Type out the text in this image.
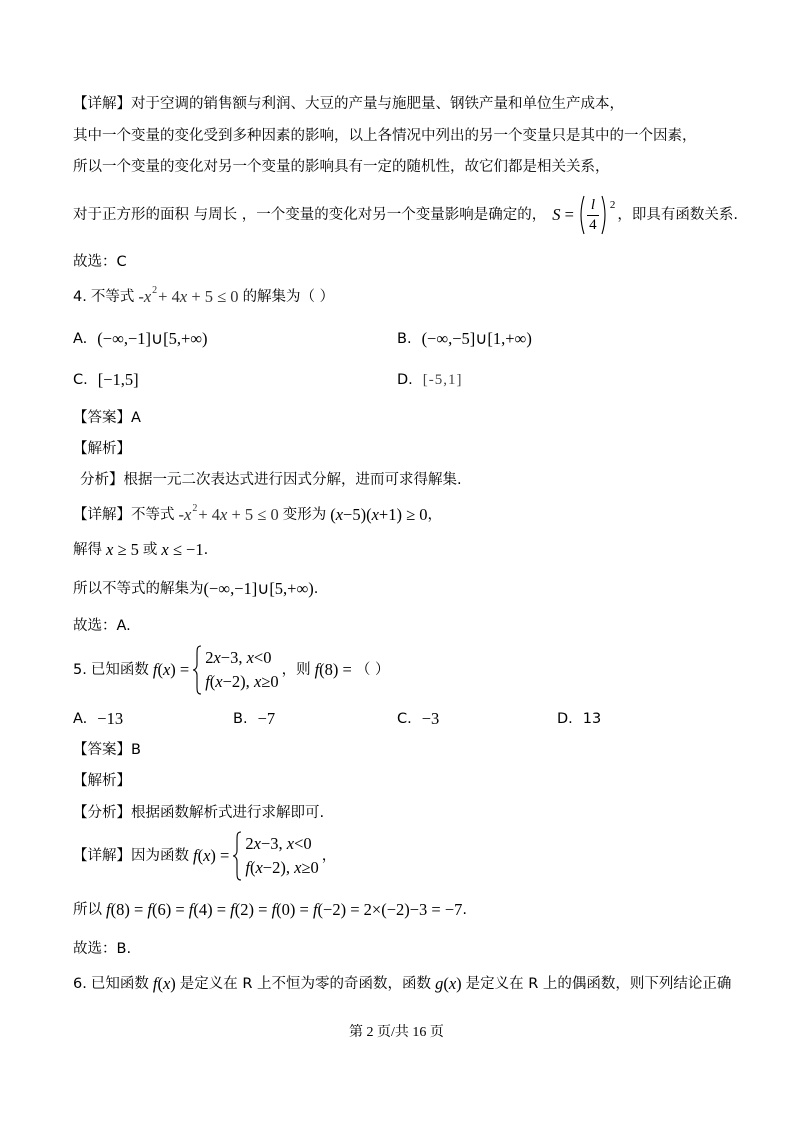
【详解】对于空调的销售额与利润、大豆的产量与施肥量、钢铁产量和单位生产成本，
其中一个变量的变化受到多种因素的影响，以上各情况中列出的另一个变量只是其中的一个因素，
所以一个变量的变化对另一个变量的影响具有一定的随机性，故它们都是相关关系，
对于正方形的面积 与周长 ，一个变量的变化对另一个变量影响是确定的， $S = \frac{l}{4} 2$
，即具有函数关系.
故选：C
4. 不等式 -x 2 + 4x + 5 ≤ 0 的解集为（ ）
A. (−∞,−1]∪[5,+∞)	B. (−∞,−5]∪[1,+∞)
C. [−1,5]	D. [-5,1]
【答案】A
【解析】
分析】根据一元二次表达式进行因式分解，进而可求得解集.
【详解】不等式 -x 2 + 4x + 5 ≤ 0 变形为 (x−5)(x+1) ≥ 0 ，
解得 x ≥ 5 或 x ≤ −1 .
所以不等式的解集为 (−∞,−1]∪[5,+∞) .
故选：A.
5. 已知函数 f(x) =
2x−3, x<0
f(x−2), x≥0
，则 f(8) = （ ）
A. −13	B. −7	C. −3	D. 13
【答案】B
【解析】
【分析】根据函数解析式进行求解即可.
【详解】因为函数 f(x) =
2x−3, x<0
f(x−2), x≥0
，
所以 f(8) = f(6) = f(4) = f(2) = f(0) = f(−2) = 2×(−2)−3 = −7 .
故选：B.
6. 已知函数 f(x) 是定义在 R 上不恒为零的奇函数，函数 g(x) 是定义在 R 上的偶函数，则下列结论正确
第 2 页/共 16 页
